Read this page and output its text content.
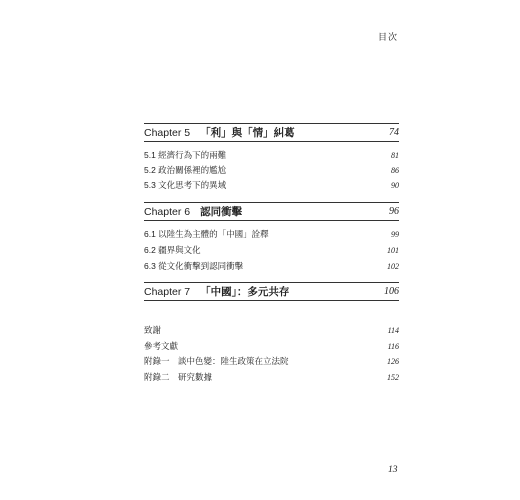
目次
Chapter 5 「利」與「情」糾葛	74
5.1 經濟行為下的兩難	81
5.2 政治關係裡的尷尬	86
5.3 文化思考下的異域	90
Chapter 6 認同衝擊	96
6.1 以陸生為主體的「中國」詮釋	99
6.2 疆界與文化	101
6.3 從文化衝擊到認同衝擊	102
Chapter 7 「中國」：多元共存	106
致謝	114
參考文獻	116
附錄一　談中色變：陸生政策在立法院	126
附錄二　研究數據	152
13
